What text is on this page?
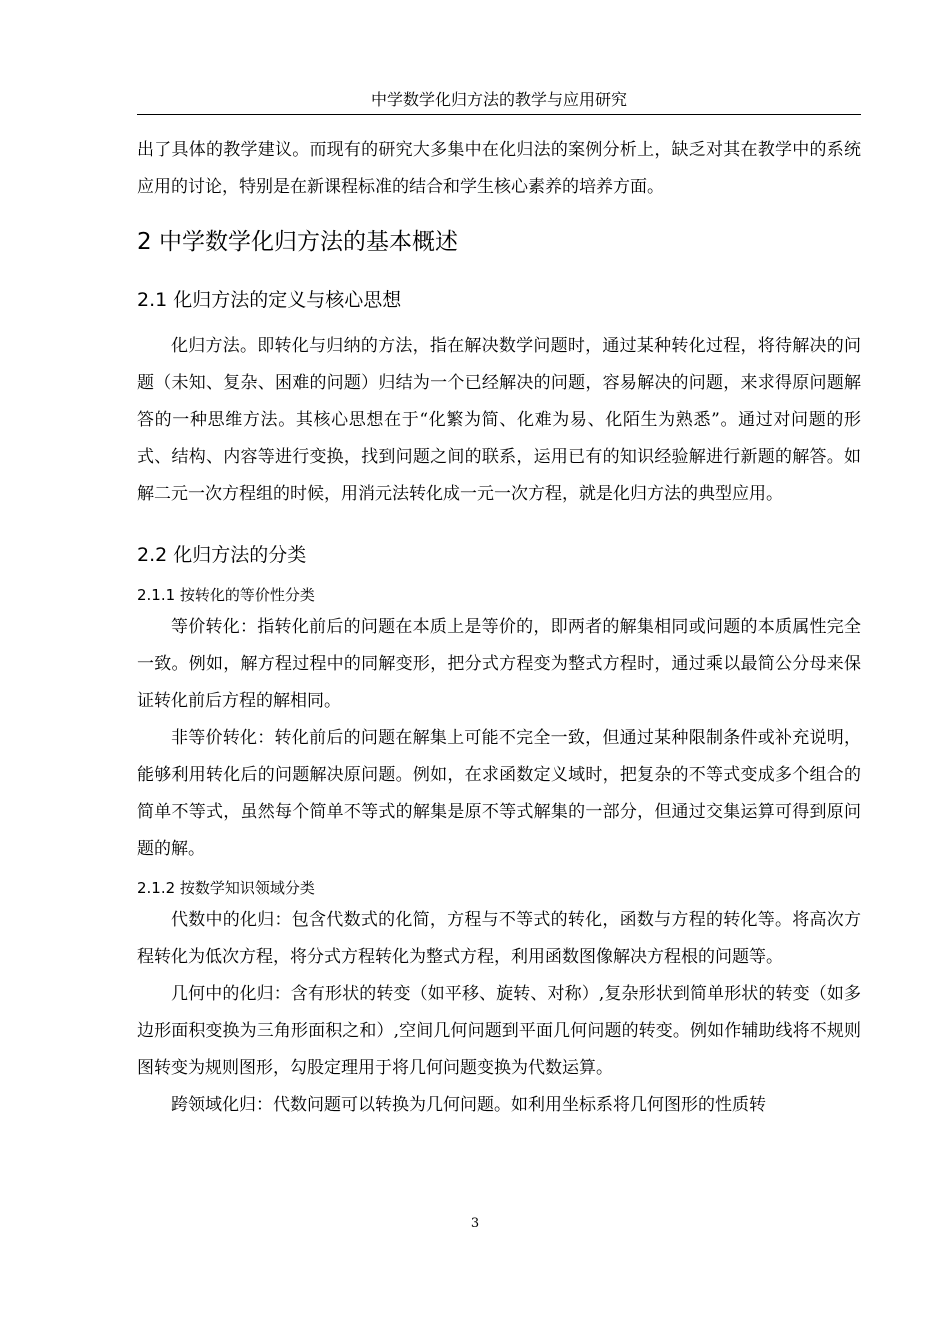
中学数学化归方法的教学与应用研究

出了具体的教学建议。而现有的研究大多集中在化归法的案例分析上，缺乏对其在教学中的系统应用的讨论，特别是在新课程标准的结合和学生核心素养的培养方面。

2 中学数学化归方法的基本概述
2.1 化归方法的定义与核心思想

化归方法。即转化与归纳的方法，指在解决数学问题时，通过某种转化过程，将待解决的问题（未知、复杂、困难的问题）归结为一个已经解决的问题，容易解决的问题，来求得原问题解答的一种思维方法。其核心思想在于“化繁为简、化难为易、化陌生为熟悉”。通过对问题的形式、结构、内容等进行变换，找到问题之间的联系，运用已有的知识经验解进行新题的解答。如解二元一次方程组的时候，用消元法转化成一元一次方程，就是化归方法的典型应用。

2.2 化归方法的分类
2.1.1 按转化的等价性分类

等价转化：指转化前后的问题在本质上是等价的，即两者的解集相同或问题的本质属性完全一致。例如，解方程过程中的同解变形，把分式方程变为整式方程时，通过乘以最简公分母来保证转化前后方程的解相同。

非等价转化：转化前后的问题在解集上可能不完全一致，但通过某种限制条件或补充说明，能够利用转化后的问题解决原问题。例如，在求函数定义域时，把复杂的不等式变成多个组合的简单不等式，虽然每个简单不等式的解集是原不等式解集的一部分，但通过交集运算可得到原问题的解。

2.1.2 按数学知识领域分类

代数中的化归：包含代数式的化简，方程与不等式的转化，函数与方程的转化等。将高次方程转化为低次方程，将分式方程转化为整式方程，利用函数图像解决方程根的问题等。

几何中的化归：含有形状的转变（如平移、旋转、对称）,复杂形状到简单形状的转变（如多边形面积变换为三角形面积之和）,空间几何问题到平面几何问题的转变。例如作辅助线将不规则图转变为规则图形，勾股定理用于将几何问题变换为代数运算。

跨领域化归：代数问题可以转换为几何问题。如利用坐标系将几何图形的性质转

3
